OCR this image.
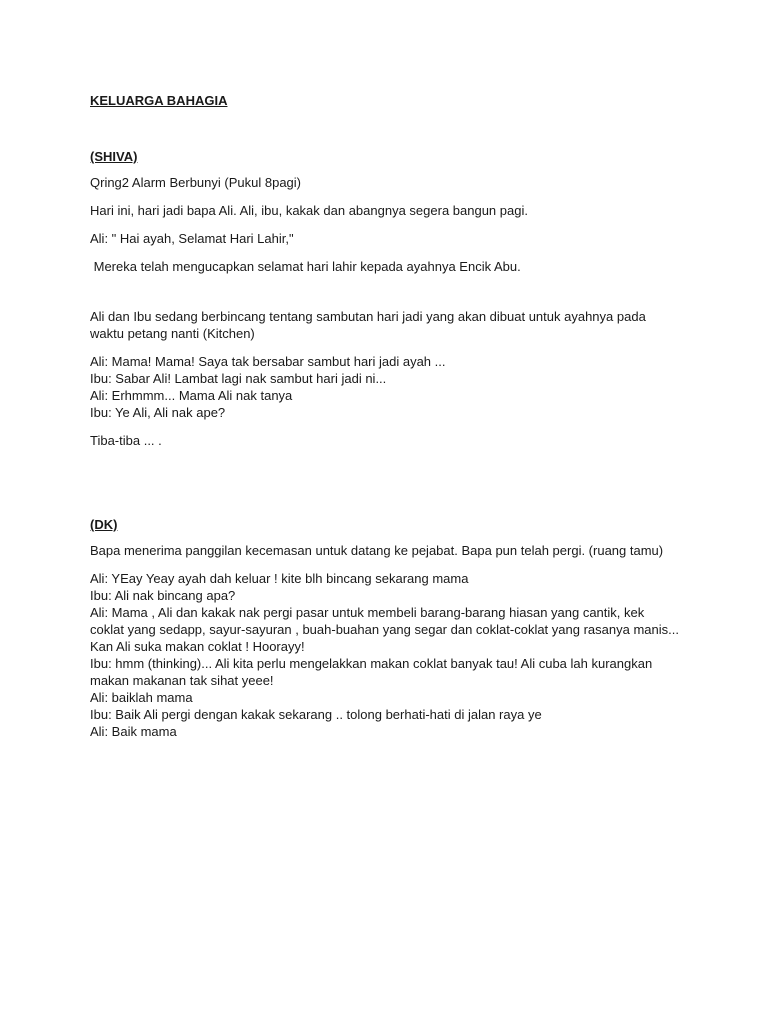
KELUARGA BAHAGIA
(SHIVA)

Qring2 Alarm Berbunyi (Pukul 8pagi)

Hari ini, hari jadi bapa Ali. Ali, ibu, kakak dan abangnya segera bangun pagi.

Ali: " Hai ayah, Selamat Hari Lahir,"

Mereka telah mengucapkan selamat hari lahir kepada ayahnya Encik Abu.

Ali dan Ibu sedang berbincang tentang sambutan hari jadi yang akan dibuat untuk ayahnya pada waktu petang nanti (Kitchen)

Ali: Mama! Mama! Saya tak bersabar sambut hari jadi ayah ...
Ibu: Sabar Ali! Lambat lagi nak sambut hari jadi ni...
Ali: Erhmmm... Mama Ali nak tanya
Ibu: Ye Ali, Ali nak ape?

Tiba-tiba ... .

(DK)

Bapa menerima panggilan kecemasan untuk datang ke pejabat. Bapa pun telah pergi. (ruang tamu)

Ali: YEay Yeay ayah dah keluar ! kite blh bincang sekarang mama
Ibu: Ali nak bincang apa?
Ali: Mama , Ali dan kakak nak pergi pasar untuk membeli barang-barang hiasan yang cantik, kek coklat yang sedapp, sayur-sayuran , buah-buahan yang segar dan coklat-coklat yang rasanya manis... Kan Ali suka makan coklat ! Hoorayy!
Ibu: hmm (thinking)... Ali kita perlu mengelakkan makan coklat banyak tau! Ali cuba lah kurangkan makan makanan tak sihat yeee!
Ali: baiklah mama
Ibu: Baik Ali pergi dengan kakak sekarang .. tolong berhati-hati di jalan raya ye
Ali: Baik mama
